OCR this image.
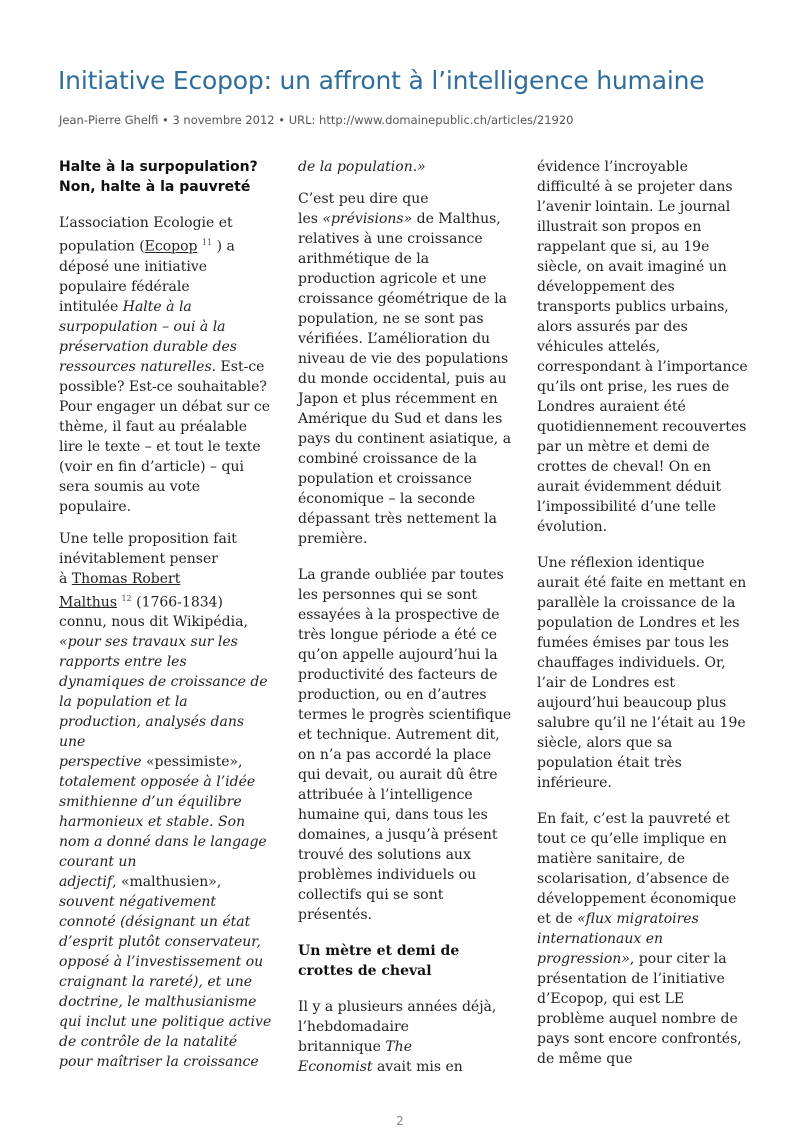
Initiative Ecopop: un affront à l’intelligence humaine
Jean-Pierre Ghelfi • 3 novembre 2012 • URL: http://www.domainepublic.ch/articles/21920
Halte à la surpopulation?
Non, halte à la pauvreté
L’association Ecologie et
population (Ecopop $^{11}$ ) a
déposé une initiative
populaire fédérale
intitulée Halte à la
surpopulation – oui à la
préservation durable des
ressources naturelles. Est-ce
possible? Est-ce souhaitable?
Pour engager un débat sur ce
thème, il faut au préalable
lire le texte – et tout le texte
(voir en fin d’article) – qui
sera soumis au vote
populaire.
Une telle proposition fait
inévitablement penser
à Thomas Robert
Malthus $^{12}$ (1766-1834)
connu, nous dit Wikipédia,
«pour ses travaux sur les
rapports entre les
dynamiques de croissance de
la population et la
production, analysés dans
une
perspective «pessimiste»,
totalement opposée à l’idée
smithienne d’un équilibre
harmonieux et stable. Son
nom a donné dans le langage
courant un
adjectif, «malthusien»,
souvent négativement
connoté (désignant un état
d’esprit plutôt conservateur,
opposé à l’investissement ou
craignant la rareté), et une
doctrine, le malthusianisme
qui inclut une politique active
de contrôle de la natalité
pour maîtriser la croissance
de la population.»
C’est peu dire que
les «prévisions» de Malthus,
relatives à une croissance
arithmétique de la
production agricole et une
croissance géométrique de la
population, ne se sont pas
vérifiées. L’amélioration du
niveau de vie des populations
du monde occidental, puis au
Japon et plus récemment en
Amérique du Sud et dans les
pays du continent asiatique, a
combiné croissance de la
population et croissance
économique – la seconde
dépassant très nettement la
première.
La grande oubliée par toutes
les personnes qui se sont
essayées à la prospective de
très longue période a été ce
qu’on appelle aujourd’hui la
productivité des facteurs de
production, ou en d’autres
termes le progrès scientifique
et technique. Autrement dit,
on n’a pas accordé la place
qui devait, ou aurait dû être
attribuée à l’intelligence
humaine qui, dans tous les
domaines, a jusqu’à présent
trouvé des solutions aux
problèmes individuels ou
collectifs qui se sont
présentés.
Un mètre et demi de
crottes de cheval
Il y a plusieurs années déjà,
l’hebdomadaire
britannique The
Economist avait mis en
évidence l’incroyable
difficulté à se projeter dans
l’avenir lointain. Le journal
illustrait son propos en
rappelant que si, au 19e
siècle, on avait imaginé un
développement des
transports publics urbains,
alors assurés par des
véhicules attelés,
correspondant à l’importance
qu’ils ont prise, les rues de
Londres auraient été
quotidiennement recouvertes
par un mètre et demi de
crottes de cheval! On en
aurait évidemment déduit
l’impossibilité d’une telle
évolution.
Une réflexion identique
aurait été faite en mettant en
parallèle la croissance de la
population de Londres et les
fumées émises par tous les
chauffages individuels. Or,
l’air de Londres est
aujourd’hui beaucoup plus
salubre qu’il ne l’était au 19e
siècle, alors que sa
population était très
inférieure.
En fait, c’est la pauvreté et
tout ce qu’elle implique en
matière sanitaire, de
scolarisation, d’absence de
développement économique
et de «flux migratoires
internationaux en
progression», pour citer la
présentation de l’initiative
d’Ecopop, qui est LE
problème auquel nombre de
pays sont encore confrontés,
de même que
2
